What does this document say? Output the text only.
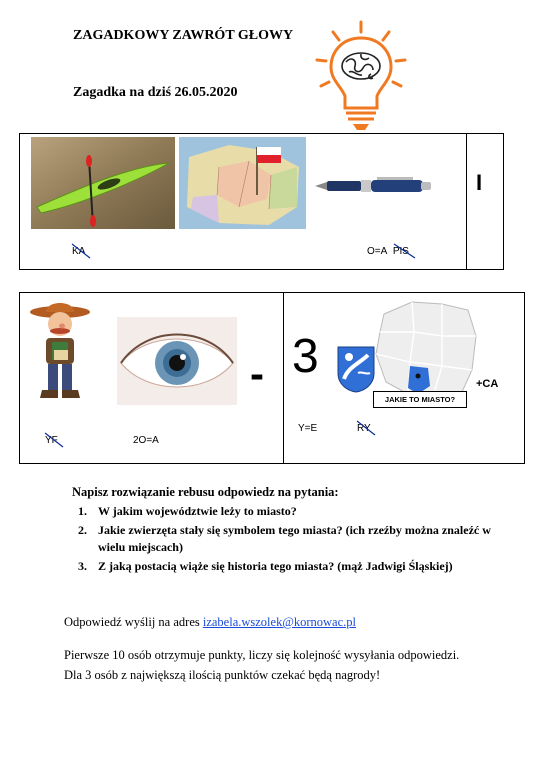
ZAGADKOWY ZAWRÓT GŁOWY
Zagadka na dziś 26.05.2020
I
KA	O=A PIS
- 3
JAKIE TO MIASTO?
+CA
YF	2O=A
Y=E	RY
Napisz rozwiązanie rebusu odpowiedz na pytania:
1. W jakim województwie leży to miasto?
2. Jakie zwierzęta stały się symbolem tego miasta? (ich rzeźby można znaleźć w wielu miejscach)
3. Z jaką postacią wiąże się historia tego miasta? (mąż Jadwigi Śląskiej)
Odpowiedź wyślij na adres izabela.wszolek@kornowac.pl
Pierwsze 10 osób otrzymuje punkty, liczy się kolejność wysyłania odpowiedzi.
Dla 3 osób z największą ilością punktów czekać będą nagrody!
